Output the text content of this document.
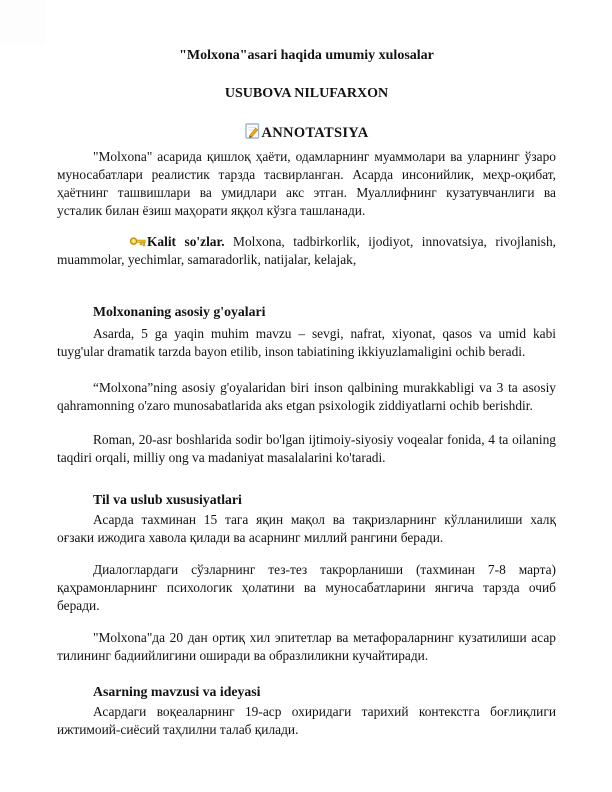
"Molxona"asari haqida umumiy xulosalar
USUBOVA NILUFARXON
ANNOTATSIYA

"Molxona" асарида қишлоқ ҳаёти, одамларнинг муаммолари ва уларнинг ўзаро муносабатлари реалистик тарзда тасвирланган. Асарда инсонийлик, меҳр-оқибат, ҳаётнинг ташвишлари ва умидлари акс этган. Муаллифнинг кузатувчанлиги ва усталик билан ёзиш маҳорати яққол кўзга ташланади.

Kalit so'zlar. Molxona, tadbirkorlik, ijodiyot, innovatsiya, rivojlanish, muammolar, yechimlar, samaradorlik, natijalar, kelajak,

Molxonaning asosiy g'oyalari

Asarda, 5 ga yaqin muhim mavzu – sevgi, nafrat, xiyonat, qasos va umid kabi tuyg'ular dramatik tarzda bayon etilib, inson tabiatining ikkiyuzlamaligini ochib beradi.

“Molxona”ning asosiy g'oyalaridan biri inson qalbining murakkabligi va 3 ta asosiy qahramonning o'zaro munosabatlarida aks etgan psixologik ziddiyatlarni ochib berishdir.

Roman, 20-asr boshlarida sodir bo'lgan ijtimoiy-siyosiy voqealar fonida, 4 ta oilaning taqdiri orqali, milliy ong va madaniyat masalalarini ko'taradi.

Til va uslub xususiyatlari

Асарда тахминан 15 тага яқин мақол ва тақризларнинг кўлланилиши халқ оғзаки ижодига хавола қилади ва асарнинг миллий рангини беради.

Диалоглардаги сўзларнинг тез-тез такрорланиши (тахминан 7-8 марта) қаҳрамонларнинг психологик ҳолатини ва муносабатларини янгича тарзда очиб беради.

"Molxona"да 20 дан ортиқ хил эпитетлар ва метафораларнинг кузатилиши асар тилининг бадиийлигини оширади ва образлиликни кучайтиради.

Asarning mavzusi va ideyasi

Асардаги воқеаларнинг 19-аср охиридаги тарихий контекстга боғлиқлиги ижтимоий-сиёсий таҳлилни талаб қилади.
